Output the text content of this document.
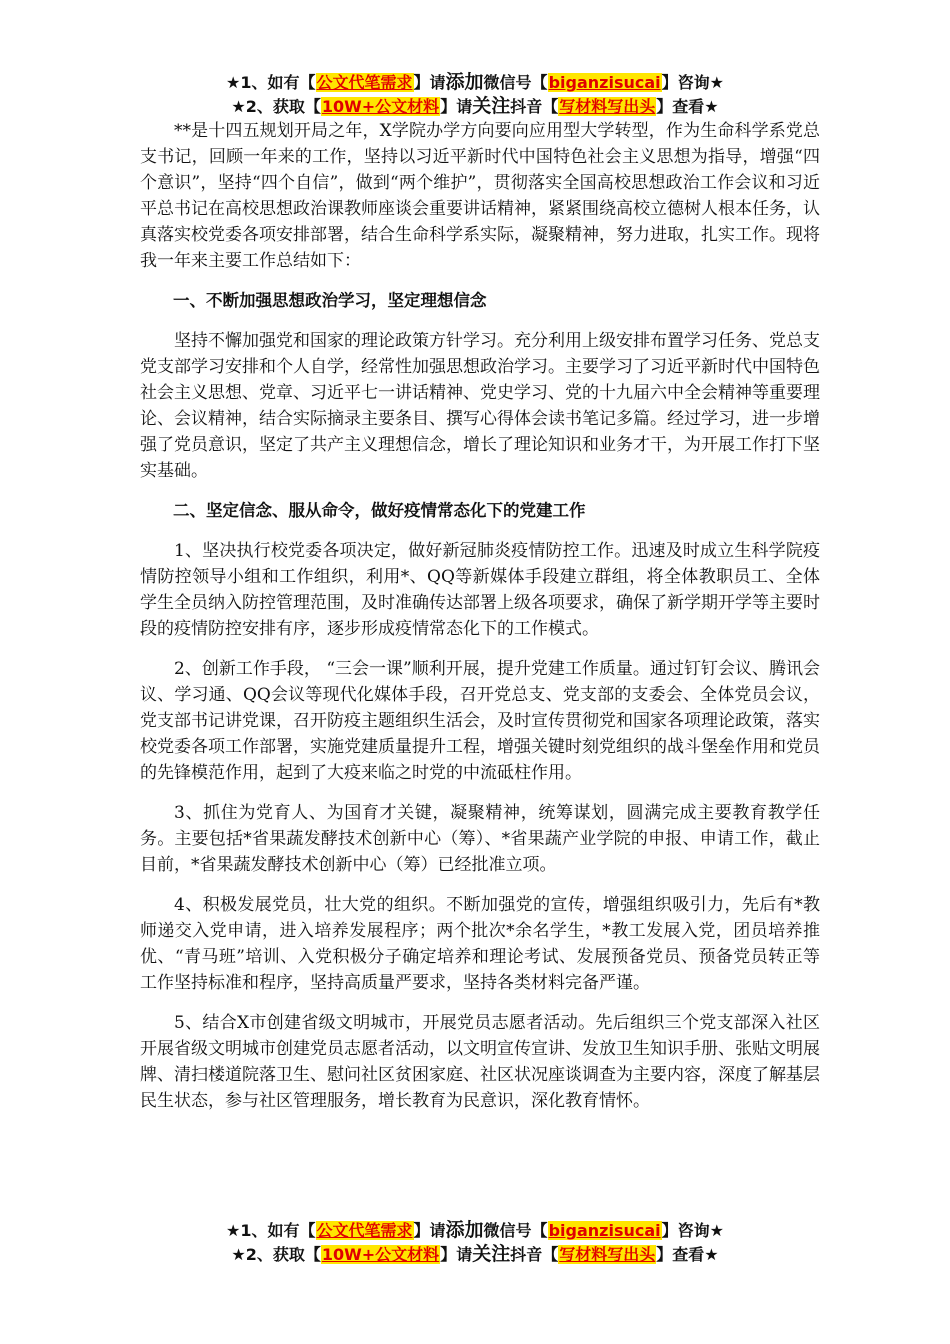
★1、如有【公文代笔需求】请添加微信号【biganzisucai】咨询★
★2、获取【10W+公文材料】请关注抖音【写材料写出头】查看★

**是十四五规划开局之年，X学院办学方向要向应用型大学转型，作为生命科学系党总支书记，回顾一年来的工作，坚持以习近平新时代中国特色社会主义思想为指导，增强“四个意识”，坚持“四个自信”，做到“两个维护”，贯彻落实全国高校思想政治工作会议和习近平总书记在高校思想政治课教师座谈会重要讲话精神，紧紧围绕高校立德树人根本任务，认真落实校党委各项安排部署，结合生命科学系实际，凝聚精神，努力进取，扎实工作。现将我一年来主要工作总结如下：

一、不断加强思想政治学习，坚定理想信念

坚持不懈加强党和国家的理论政策方针学习。充分利用上级安排布置学习任务、党总支党支部学习安排和个人自学，经常性加强思想政治学习。主要学习了习近平新时代中国特色社会主义思想、党章、习近平七一讲话精神、党史学习、党的十九届六中全会精神等重要理论、会议精神，结合实际摘录主要条目、撰写心得体会读书笔记多篇。经过学习，进一步增强了党员意识，坚定了共产主义理想信念，增长了理论知识和业务才干，为开展工作打下坚实基础。

二、坚定信念、服从命令，做好疫情常态化下的党建工作

1、坚决执行校党委各项决定，做好新冠肺炎疫情防控工作。迅速及时成立生科学院疫情防控领导小组和工作组织，利用*、QQ等新媒体手段建立群组，将全体教职员工、全体学生全员纳入防控管理范围，及时准确传达部署上级各项要求，确保了新学期开学等主要时段的疫情防控安排有序，逐步形成疫情常态化下的工作模式。

2、创新工作手段， “三会一课”顺利开展，提升党建工作质量。通过钉钉会议、腾讯会议、学习通、QQ会议等现代化媒体手段，召开党总支、党支部的支委会、全体党员会议，党支部书记讲党课，召开防疫主题组织生活会，及时宣传贯彻党和国家各项理论政策，落实校党委各项工作部署，实施党建质量提升工程，增强关键时刻党组织的战斗堡垒作用和党员的先锋模范作用，起到了大疫来临之时党的中流砥柱作用。

3、抓住为党育人、为国育才关键，凝聚精神，统筹谋划，圆满完成主要教育教学任务。主要包括*省果蔬发酵技术创新中心（筹）、*省果蔬产业学院的申报、申请工作，截止目前，*省果蔬发酵技术创新中心（筹）已经批准立项。

4、积极发展党员，壮大党的组织。不断加强党的宣传，增强组织吸引力，先后有*教师递交入党申请，进入培养发展程序；两个批次*余名学生，*教工发展入党，团员培养推优、“青马班”培训、入党积极分子确定培养和理论考试、发展预备党员、预备党员转正等工作坚持标准和程序，坚持高质量严要求，坚持各类材料完备严谨。

5、结合X市创建省级文明城市，开展党员志愿者活动。先后组织三个党支部深入社区开展省级文明城市创建党员志愿者活动，以文明宣传宣讲、发放卫生知识手册、张贴文明展牌、清扫楼道院落卫生、慰问社区贫困家庭、社区状况座谈调查为主要内容，深度了解基层民生状态，参与社区管理服务，增长教育为民意识，深化教育情怀。

★1、如有【公文代笔需求】请添加微信号【biganzisucai】咨询★
★2、获取【10W+公文材料】请关注抖音【写材料写出头】查看★
